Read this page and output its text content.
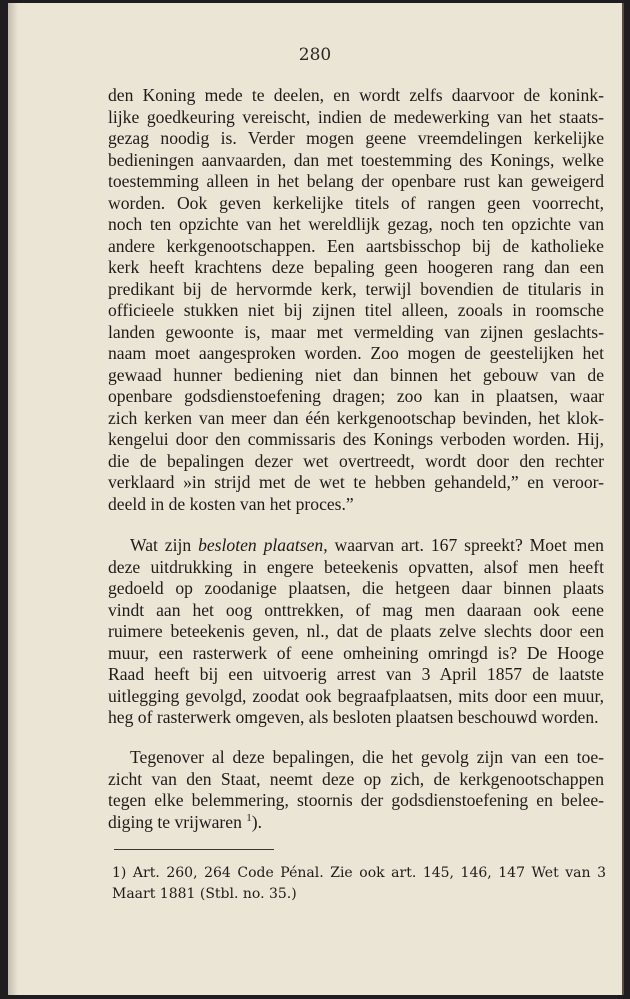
280
den Koning mede te deelen, en wordt zelfs daarvoor de konink-
lijke goedkeuring vereischt, indien de medewerking van het staats-
gezag noodig is. Verder mogen geene vreemdelingen kerkelijke
bedieningen aanvaarden, dan met toestemming des Konings, welke
toestemming alleen in het belang der openbare rust kan geweigerd
worden. Ook geven kerkelijke titels of rangen geen voorrecht,
noch ten opzichte van het wereldlijk gezag, noch ten opzichte van
andere kerkgenootschappen. Een aartsbisschop bij de katholieke
kerk heeft krachtens deze bepaling geen hoogeren rang dan een
predikant bij de hervormde kerk, terwijl bovendien de titularis in
officieele stukken niet bij zijnen titel alleen, zooals in roomsche
landen gewoonte is, maar met vermelding van zijnen geslachts-
naam moet aangesproken worden. Zoo mogen de geestelijken het
gewaad hunner bediening niet dan binnen het gebouw van de
openbare godsdienstoefening dragen; zoo kan in plaatsen, waar
zich kerken van meer dan één kerkgenootschap bevinden, het klok-
kengelui door den commissaris des Konings verboden worden. Hij,
die de bepalingen dezer wet overtreedt, wordt door den rechter
verklaard »in strijd met de wet te hebben gehandeld,” en veroor-
deeld in de kosten van het proces.”
Wat zijn besloten plaatsen, waarvan art. 167 spreekt? Moet men
deze uitdrukking in engere beteekenis opvatten, alsof men heeft
gedoeld op zoodanige plaatsen, die hetgeen daar binnen plaats
vindt aan het oog onttrekken, of mag men daaraan ook eene
ruimere beteekenis geven, nl., dat de plaats zelve slechts door een
muur, een rasterwerk of eene omheining omringd is? De Hooge
Raad heeft bij een uitvoerig arrest van 3 April 1857 de laatste
uitlegging gevolgd, zoodat ook begraafplaatsen, mits door een muur,
heg of rasterwerk omgeven, als besloten plaatsen beschouwd worden.
Tegenover al deze bepalingen, die het gevolg zijn van een toe-
zicht van den Staat, neemt deze op zich, de kerkgenootschappen
tegen elke belemmering, stoornis der godsdienstoefening en belee-
diging te vrijwaren $^1$).
1) Art. 260, 264 Code Pénal. Zie ook art. 145, 146, 147 Wet van 3
Maart 1881 (Stbl. no. 35.)
